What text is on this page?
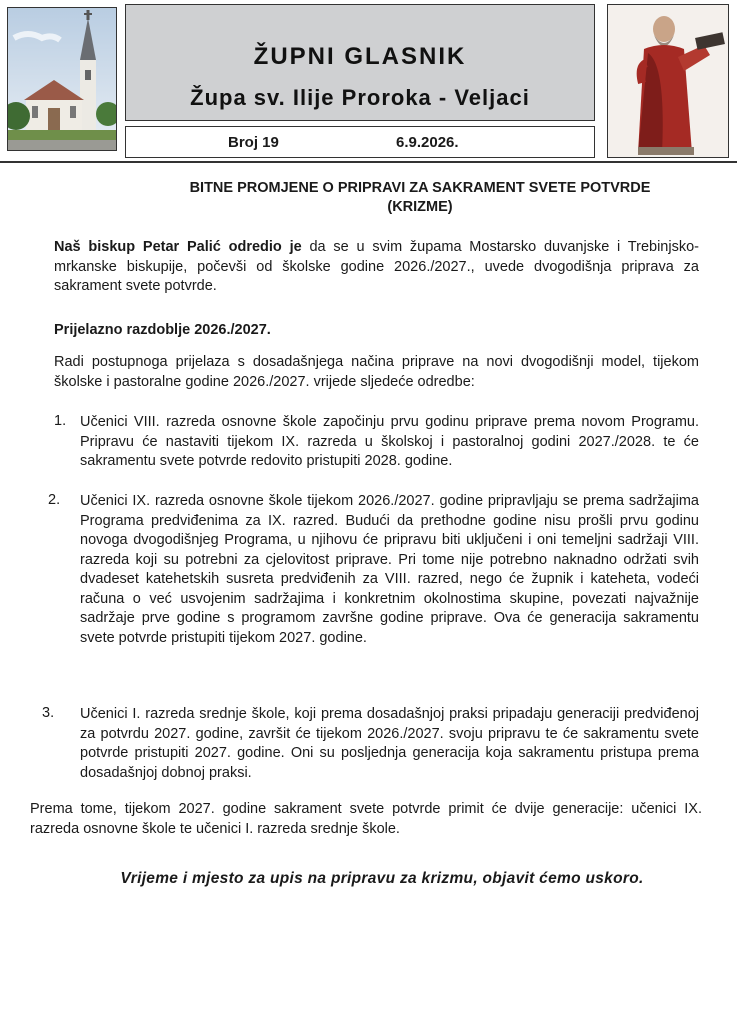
ŽUPNI GLASNIK
Župa sv. Ilije Proroka - Veljaci
Broj 19	6.9.2026.
BITNE PROMJENE O PRIPRAVI ZA SAKRAMENT SVETE POTVRDE
(KRIZME)

Naš biskup Petar Palić odredio je da se u svim župama Mostarsko duvanjske i Trebinjsko-mrkanske biskupije, počevši od školske godine 2026./2027., uvede dvogodišnja priprava za sakrament svete potvrde.

Prijelazno razdoblje 2026./2027.

Radi postupnoga prijelaza s dosadašnjega načina priprave na novi dvogodišnji model, tijekom školske i pastoralne godine 2026./2027. vrijede sljedeće odredbe:

1. Učenici VIII. razreda osnovne škole započinju prvu godinu priprave prema novom Programu. Pripravu će nastaviti tijekom IX. razreda u školskoj i pastoralnoj godini 2027./2028. te će sakramentu svete potvrde redovito pristupiti 2028. godine.

2. Učenici IX. razreda osnovne škole tijekom 2026./2027. godine pripravljaju se prema sadržajima Programa predviđenima za IX. razred. Budući da prethodne godine nisu prošli prvu godinu novoga dvogodišnjeg Programa, u njihovu će pripravu biti uključeni i oni temeljni sadržaji VIII. razreda koji su potrebni za cjelovitost priprave. Pri tome nije potrebno naknadno održati svih dvadeset katehetskih susreta predviđenih za VIII. razred, nego će župnik i kateheta, vodeći računa o već usvojenim sadržajima i konkretnim okolnostima skupine, povezati najvažnije sadržaje prve godine s programom završne godine priprave. Ova će generacija sakramentu svete potvrde pristupiti tijekom 2027. godine.

3. Učenici I. razreda srednje škole, koji prema dosadašnjoj praksi pripadaju generaciji predviđenoj za potvrdu 2027. godine, završit će tijekom 2026./2027. svoju pripravu te će sakramentu svete potvrde pristupiti 2027. godine. Oni su posljednja generacija koja sakramentu pristupa prema dosadašnjoj dobnoj praksi.

Prema tome, tijekom 2027. godine sakrament svete potvrde primit će dvije generacije: učenici IX. razreda osnovne škole te učenici I. razreda srednje škole.

Vrijeme i mjesto za upis na pripravu za krizmu, objavit ćemo uskoro.
